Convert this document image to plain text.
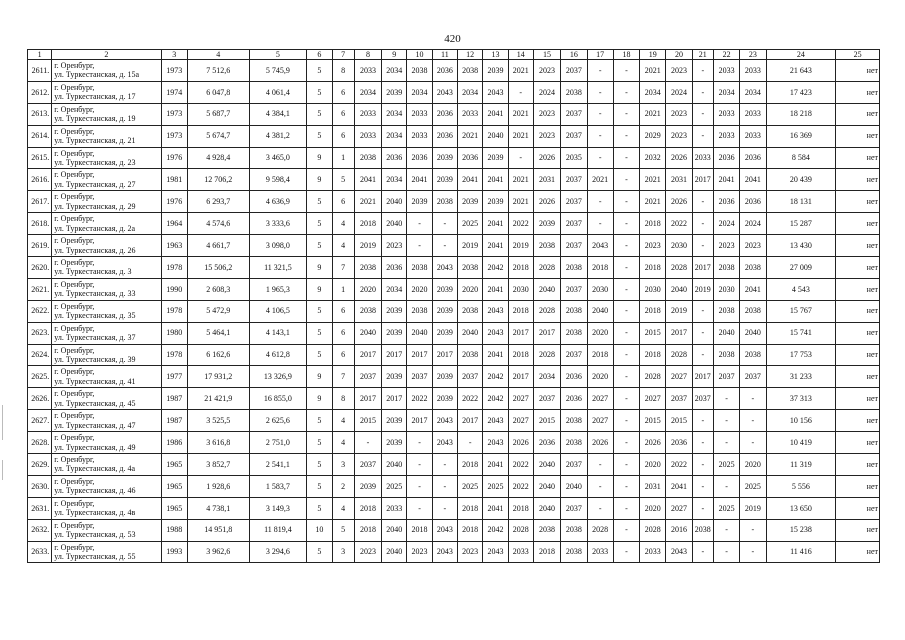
420
1	2	3	4	5	6	7	8	9	10	11	12	13	14	15	16	17	18	19	20	21	22	23	24	25
2611.	г. Оренбург,
ул. Туркестанская, д. 15а	1973	7 512,6	5 745,9	5	8	2033	2034	2038	2036	2038	2039	2021	2023	2037	-	-	2021	2023	-	2033	2033	21 643	нет
2612.	г. Оренбург,
ул. Туркестанская, д. 17	1974	6 047,8	4 061,4	5	6	2034	2039	2034	2043	2034	2043	-	2024	2038	-	-	2034	2024	-	2034	2034	17 423	нет
2613.	г. Оренбург,
ул. Туркестанская, д. 19	1973	5 687,7	4 384,1	5	6	2033	2034	2033	2036	2033	2041	2021	2023	2037	-	-	2021	2023	-	2033	2033	18 218	нет
2614.	г. Оренбург,
ул. Туркестанская, д. 21	1973	5 674,7	4 381,2	5	6	2033	2034	2033	2036	2021	2040	2021	2023	2037	-	-	2029	2023	-	2033	2033	16 369	нет
2615.	г. Оренбург,
ул. Туркестанская, д. 23	1976	4 928,4	3 465,0	9	1	2038	2036	2036	2039	2036	2039	-	2026	2035	-	-	2032	2026	2033	2036	2036	8 584	нет
2616.	г. Оренбург,
ул. Туркестанская, д. 27	1981	12 706,2	9 598,4	9	5	2041	2034	2041	2039	2041	2041	2021	2031	2037	2021	-	2021	2031	2017	2041	2041	20 439	нет
2617.	г. Оренбург,
ул. Туркестанская, д. 29	1976	6 293,7	4 636,9	5	6	2021	2040	2039	2038	2039	2039	2021	2026	2037	-	-	2021	2026	-	2036	2036	18 131	нет
2618.	г. Оренбург,
ул. Туркестанская, д. 2а	1964	4 574,6	3 333,6	5	4	2018	2040	-	-	2025	2041	2022	2039	2037	-	-	2018	2022	-	2024	2024	15 287	нет
2619.	г. Оренбург,
ул. Туркестанская, д. 26	1963	4 661,7	3 098,0	5	4	2019	2023	-	-	2019	2041	2019	2038	2037	2043	-	2023	2030	-	2023	2023	13 430	нет
2620.	г. Оренбург,
ул. Туркестанская, д. 3	1978	15 506,2	11 321,5	9	7	2038	2036	2038	2043	2038	2042	2018	2028	2038	2018	-	2018	2028	2017	2038	2038	27 009	нет
2621.	г. Оренбург,
ул. Туркестанская, д. 33	1990	2 608,3	1 965,3	9	1	2020	2034	2020	2039	2020	2041	2030	2040	2037	2030	-	2030	2040	2019	2030	2041	4 543	нет
2622.	г. Оренбург,
ул. Туркестанская, д. 35	1978	5 472,9	4 106,5	5	6	2038	2039	2038	2039	2038	2043	2018	2028	2038	2040	-	2018	2019	-	2038	2038	15 767	нет
2623.	г. Оренбург,
ул. Туркестанская, д. 37	1980	5 464,1	4 143,1	5	6	2040	2039	2040	2039	2040	2043	2017	2017	2038	2020	-	2015	2017	-	2040	2040	15 741	нет
2624.	г. Оренбург,
ул. Туркестанская, д. 39	1978	6 162,6	4 612,8	5	6	2017	2017	2017	2017	2038	2041	2018	2028	2037	2018	-	2018	2028	-	2038	2038	17 753	нет
2625.	г. Оренбург,
ул. Туркестанская, д. 41	1977	17 931,2	13 326,9	9	7	2037	2039	2037	2039	2037	2042	2017	2034	2036	2020	-	2028	2027	2017	2037	2037	31 233	нет
2626.	г. Оренбург,
ул. Туркестанская, д. 45	1987	21 421,9	16 855,0	9	8	2017	2017	2022	2039	2022	2042	2027	2037	2036	2027	-	2027	2037	2037	-	-	37 313	нет
2627.	г. Оренбург,
ул. Туркестанская, д. 47	1987	3 525,5	2 625,6	5	4	2015	2039	2017	2043	2017	2043	2027	2015	2038	2027	-	2015	2015	-	-	-	10 156	нет
2628.	г. Оренбург,
ул. Туркестанская, д. 49	1986	3 616,8	2 751,0	5	4	-	2039	-	2043	-	2043	2026	2036	2038	2026	-	2026	2036	-	-	-	10 419	нет
2629.	г. Оренбург,
ул. Туркестанская, д. 4а	1965	3 852,7	2 541,1	5	3	2037	2040	-	-	2018	2041	2022	2040	2037	-	-	2020	2022	-	2025	2020	11 319	нет
2630.	г. Оренбург,
ул. Туркестанская, д. 46	1965	1 928,6	1 583,7	5	2	2039	2025	-	-	2025	2025	2022	2040	2040	-	-	2031	2041	-	-	2025	5 556	нет
2631.	г. Оренбург,
ул. Туркестанская, д. 4в	1965	4 738,1	3 149,3	5	4	2018	2033	-	-	2018	2041	2018	2040	2037	-	-	2020	2027	-	2025	2019	13 650	нет
2632.	г. Оренбург,
ул. Туркестанская, д. 53	1988	14 951,8	11 819,4	10	5	2018	2040	2018	2043	2018	2042	2028	2038	2038	2028	-	2028	2016	2038	-	-	15 238	нет
2633.	г. Оренбург,
ул. Туркестанская, д. 55	1993	3 962,6	3 294,6	5	3	2023	2040	2023	2043	2023	2043	2033	2018	2038	2033	-	2033	2043	-	-	-	11 416	нет
